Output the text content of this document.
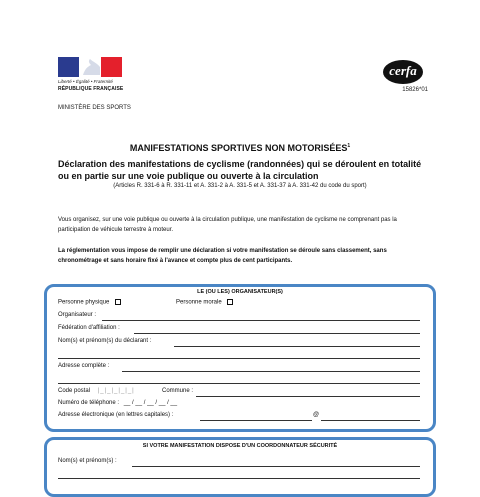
Liberté • Égalité • Fraternité
RÉPUBLIQUE FRANÇAISE
MINISTÈRE DES SPORTS
cerfa
15826*01
MANIFESTATIONS SPORTIVES NON MOTORISÉES$^1$
Déclaration des manifestations de cyclisme (randonnées) qui se déroulent en totalité ou en partie sur une voie publique ou ouverte à la circulation
(Articles R. 331-6 à R. 331-11 et A. 331-2 à A. 331-5 et A. 331-37 à A. 331-42 du code du sport)
Vous organisez, sur une voie publique ou ouverte à la circulation publique, une manifestation de cyclisme ne comprenant pas la participation de véhicule terrestre à moteur.
La réglementation vous impose de remplir une déclaration si votre manifestation se déroule sans classement, sans chronométrage et sans horaire fixé à l'avance et compte plus de cent participants.
LE (OU LES) ORGANISATEUR(S)
Personne physique	Personne morale
Organisateur :
Fédération d'affiliation :
Nom(s) et prénom(s) du déclarant :
Adresse complète :
Code postal |_|_|_|_|_|	Commune :
Numéro de téléphone : __ / __ / __ / __ / __
Adresse électronique (en lettres capitales) :	@
SI VOTRE MANIFESTATION DISPOSE D'UN COORDONNATEUR SÉCURITÉ
Nom(s) et prénom(s) :
